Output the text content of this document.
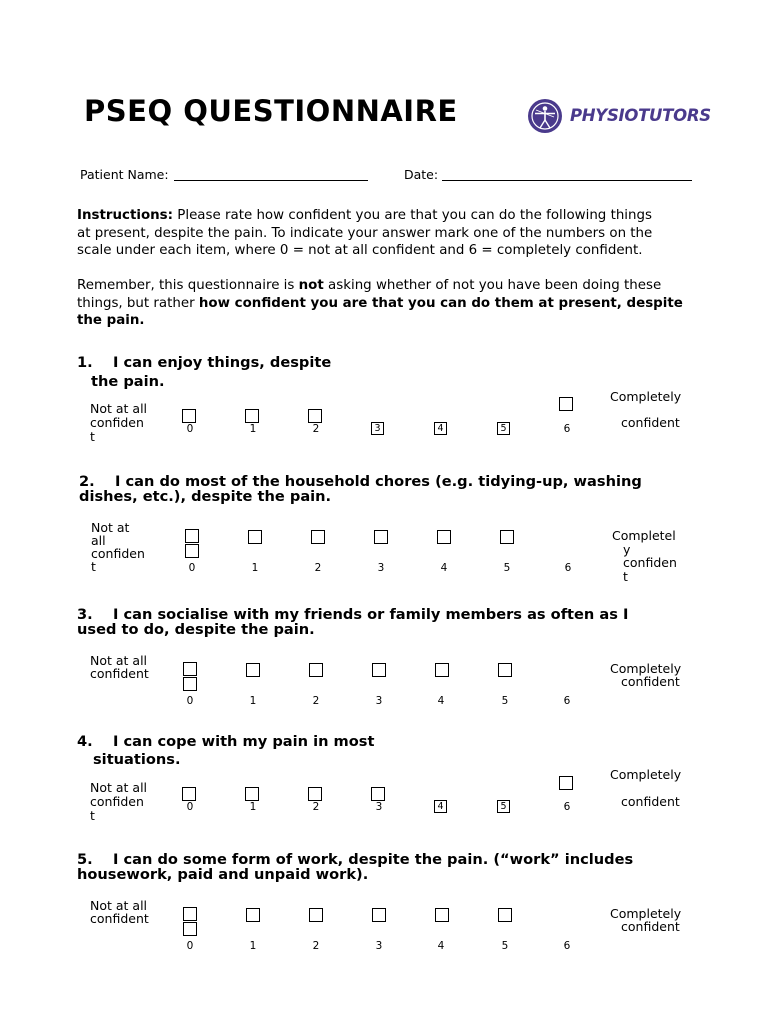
PSEQ QUESTIONNAIRE	PHYSIOTUTORS
Patient Name:	Date:
Instructions: Please rate how confident you are that you can do the following things
at present, despite the pain. To indicate your answer mark one of the numbers on the
scale under each item, where 0 = not at all confident and 6 = completely confident.
Remember, this questionnaire is not asking whether of not you have been doing these
things, but rather how confident you are that you can do them at present, despite
the pain.
1. I can enjoy things, despite
the pain.
Not at all
confiden
t
Completely
confident
0	1	2	3	4	5	6
2. I can do most of the household chores (e.g. tidying-up, washing
dishes, etc.), despite the pain.
Not at
all
confiden
t
Completel
y
confiden
t
0	1	2	3	4	5	6
3. I can socialise with my friends or family members as often as I
used to do, despite the pain.
Not at all
confident	Completely
confident
0	1	2	3	4	5	6
4. I can cope with my pain in most
situations.
Not at all
confiden
t
Completely
confident
0	1	2	3	4	5	6
5. I can do some form of work, despite the pain. (“work” includes
housework, paid and unpaid work).
Not at all
confident	Completely
confident
0	1	2	3	4	5	6
